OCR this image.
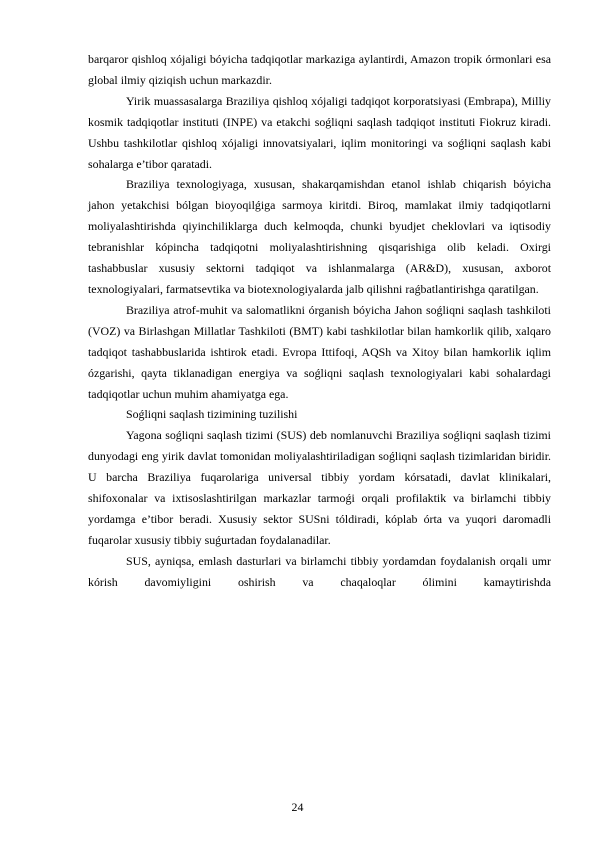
barqaror qishloq xójaligi bóyicha tadqiqotlar markaziga aylantirdi, Amazon tropik órmonlari esa global ilmiy qiziqish uchun markazdir.

Yirik muassasalarga Braziliya qishloq xójaligi tadqiqot korporatsiyasi (Embrapa), Milliy kosmik tadqiqotlar instituti (INPE) va etakchi soǵliqni saqlash tadqiqot instituti Fiokruz kiradi. Ushbu tashkilotlar qishloq xójaligi innovatsiyalari, iqlim monitoringi va soǵliqni saqlash kabi sohalarga e’tibor qaratadi.

Braziliya texnologiyaga, xususan, shakarqamishdan etanol ishlab chiqarish bóyicha jahon yetakchisi bólgan bioyoqilǵiga sarmoya kiritdi. Biroq, mamlakat ilmiy tadqiqotlarni moliyalashtirishda qiyinchiliklarga duch kelmoqda, chunki byudjet cheklovlari va iqtisodiy tebranishlar kópincha tadqiqotni moliyalashtirishning qisqarishiga olib keladi. Oxirgi tashabbuslar xususiy sektorni tadqiqot va ishlanmalarga (AR&D), xususan, axborot texnologiyalari, farmatsevtika va biotexnologiyalarda jalb qilishni raǵbatlantirishga qaratilgan.

Braziliya atrof-muhit va salomatlikni órganish bóyicha Jahon soǵliqni saqlash tashkiloti (VOZ) va Birlashgan Millatlar Tashkiloti (BMT) kabi tashkilotlar bilan hamkorlik qilib, xalqaro tadqiqot tashabbuslarida ishtirok etadi. Evropa Ittifoqi, AQSh va Xitoy bilan hamkorlik iqlim ózgarishi, qayta tiklanadigan energiya va soǵliqni saqlash texnologiyalari kabi sohalardagi tadqiqotlar uchun muhim ahamiyatga ega.

Soǵliqni saqlash tizimining tuzilishi

Yagona soǵliqni saqlash tizimi (SUS) deb nomlanuvchi Braziliya soǵliqni saqlash tizimi dunyodagi eng yirik davlat tomonidan moliyalashtiriladigan soǵliqni saqlash tizimlaridan biridir. U barcha Braziliya fuqarolariga universal tibbiy yordam kórsatadi, davlat klinikalari, shifoxonalar va ixtisoslashtirilgan markazlar tarmoǵi orqali profilaktik va birlamchi tibbiy yordamga e’tibor beradi. Xususiy sektor SUSni tóldiradi, kóplab órta va yuqori daromadli fuqarolar xususiy tibbiy suǵurtadan foydalanadilar.

SUS, ayniqsa, emlash dasturlari va birlamchi tibbiy yordamdan foydalanish orqali umr kórish davomiyligini oshirish va chaqaloqlar ólimini kamaytirishda

24
